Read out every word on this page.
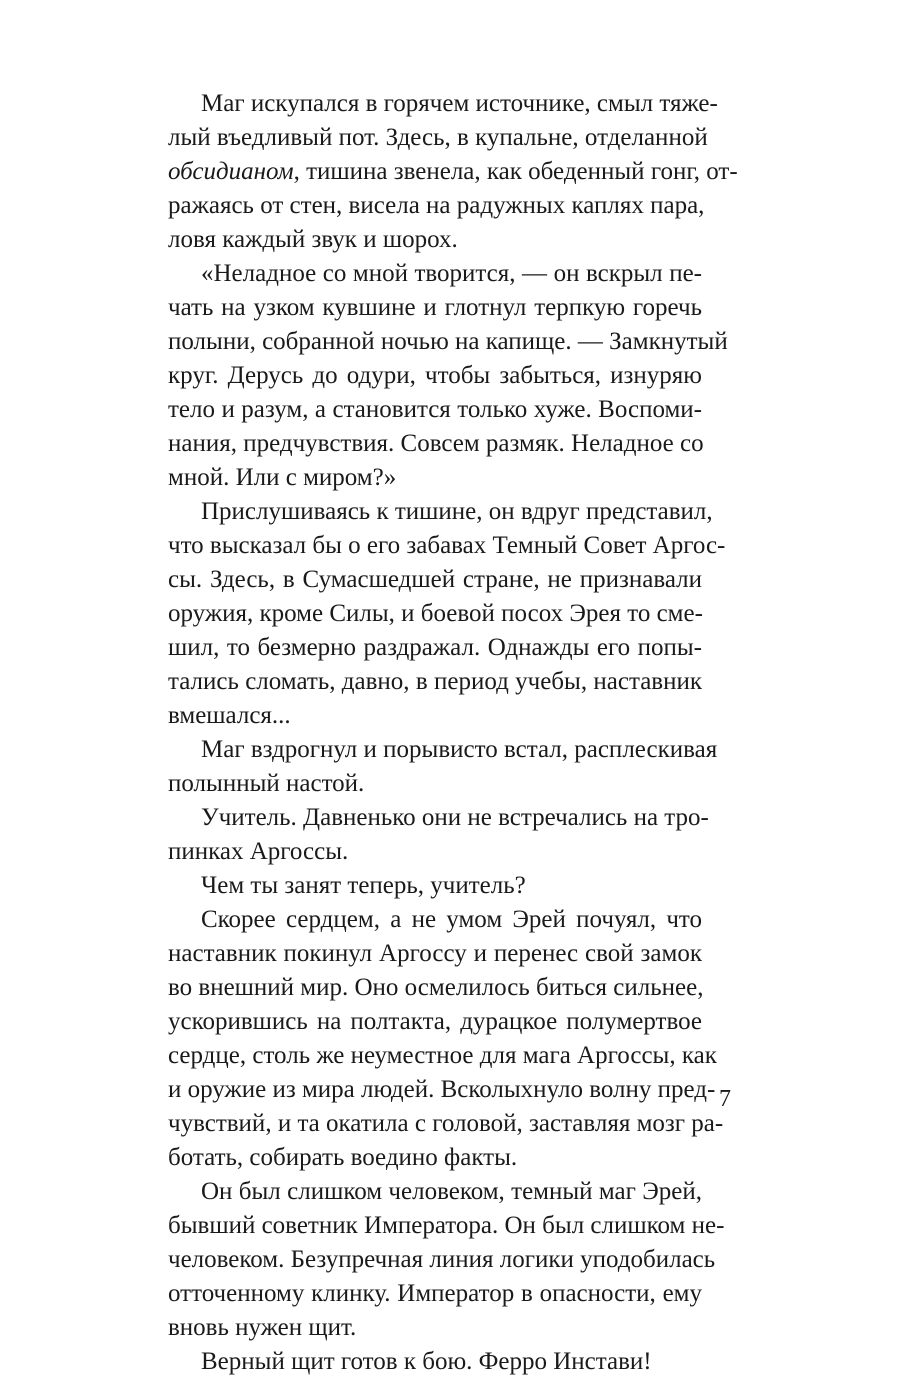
Маг искупался в горячем источнике, смыл тяже-
лый въедливый пот. Здесь, в купальне, отделанной
обсидианом, тишина звенела, как обеденный гонг, от-
ражаясь от стен, висела на радужных каплях пара,
ловя каждый звук и шорох.
«Неладное со мной творится, — он вскрыл пе-
чать на узком кувшине и глотнул терпкую горечь
полыни, собранной ночью на капище. — Замкнутый
круг. Дерусь до одури, чтобы забыться, изнуряю
тело и разум, а становится только хуже. Воспоми-
нания, предчувствия. Совсем размяк. Неладное со
мной. Или с миром?»
Прислушиваясь к тишине, он вдруг представил,
что высказал бы о его забавах Темный Совет Аргос-
сы. Здесь, в Сумасшедшей стране, не признавали
оружия, кроме Силы, и боевой посох Эрея то сме-
шил, то безмерно раздражал. Однажды его попы-
тались сломать, давно, в период учебы, наставник
вмешался...
Маг вздрогнул и порывисто встал, расплескивая
полынный настой.
Учитель. Давненько они не встречались на тро-
пинках Аргоссы.
Чем ты занят теперь, учитель?
Скорее сердцем, а не умом Эрей почуял, что
наставник покинул Аргоссу и перенес свой замок
во внешний мир. Оно осмелилось биться сильнее,
ускорившись на полтакта, дурацкое полумертвое
сердце, столь же неуместное для мага Аргоссы, как
и оружие из мира людей. Всколыхнуло волну пред-
чувствий, и та окатила с головой, заставляя мозг ра-
ботать, собирать воедино факты.
Он был слишком человеком, темный маг Эрей,
бывший советник Императора. Он был слишком не-
человеком. Безупречная линия логики уподобилась
отточенному клинку. Император в опасности, ему
вновь нужен щит.
Верный щит готов к бою. Ферро Инстави!
7
